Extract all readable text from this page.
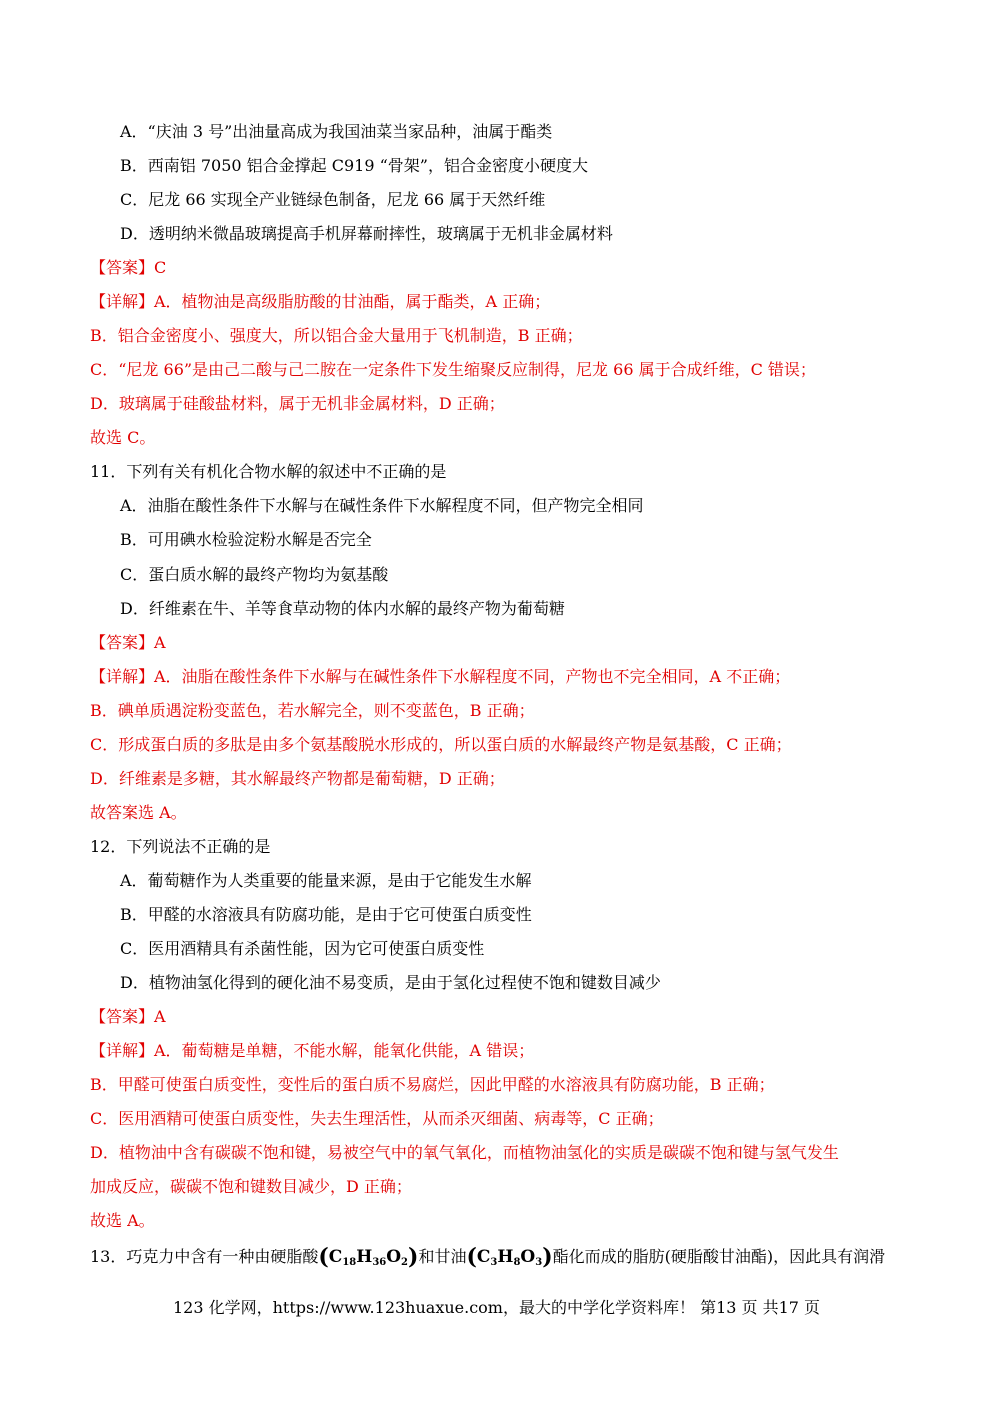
A．“庆油 3 号”出油量高成为我国油菜当家品种，油属于酯类
B．西南铝 7050 铝合金撑起 C919 “骨架”，铝合金密度小硬度大
C．尼龙 66 实现全产业链绿色制备，尼龙 66 属于天然纤维
D．透明纳米微晶玻璃提高手机屏幕耐摔性，玻璃属于无机非金属材料
【答案】C
【详解】A．植物油是高级脂肪酸的甘油酯，属于酯类，A 正确；
B．铝合金密度小、强度大，所以铝合金大量用于飞机制造，B 正确；
C．“尼龙 66”是由己二酸与己二胺在一定条件下发生缩聚反应制得，尼龙 66 属于合成纤维，C 错误；
D．玻璃属于硅酸盐材料，属于无机非金属材料，D 正确；
故选 C。
11．下列有关有机化合物水解的叙述中不正确的是
A．油脂在酸性条件下水解与在碱性条件下水解程度不同，但产物完全相同
B．可用碘水检验淀粉水解是否完全
C．蛋白质水解的最终产物均为氨基酸
D．纤维素在牛、羊等食草动物的体内水解的最终产物为葡萄糖
【答案】A
【详解】A．油脂在酸性条件下水解与在碱性条件下水解程度不同，产物也不完全相同，A 不正确；
B．碘单质遇淀粉变蓝色，若水解完全，则不变蓝色，B 正确；
C．形成蛋白质的多肽是由多个氨基酸脱水形成的，所以蛋白质的水解最终产物是氨基酸，C 正确；
D．纤维素是多糖，其水解最终产物都是葡萄糖，D 正确；
故答案选 A。
12．下列说法不正确的是
A．葡萄糖作为人类重要的能量来源，是由于它能发生水解
B．甲醛的水溶液具有防腐功能，是由于它可使蛋白质变性
C．医用酒精具有杀菌性能，因为它可使蛋白质变性
D．植物油氢化得到的硬化油不易变质，是由于氢化过程使不饱和键数目减少
【答案】A
【详解】A．葡萄糖是单糖，不能水解，能氧化供能，A 错误；
B．甲醛可使蛋白质变性，变性后的蛋白质不易腐烂，因此甲醛的水溶液具有防腐功能，B 正确；
C．医用酒精可使蛋白质变性，失去生理活性，从而杀灭细菌、病毒等，C 正确；
D．植物油中含有碳碳不饱和键，易被空气中的氧气氧化，而植物油氢化的实质是碳碳不饱和键与氢气发生
加成反应，碳碳不饱和键数目减少，D 正确；
故选 A。
13．巧克力中含有一种由硬脂酸$(C_{18}H_{36}O_2)$和甘油$(C_3H_8O_3)$酯化而成的脂肪(硬脂酸甘油酯)，因此具有润滑
123 化学网，https://www.123huaxue.com，最大的中学化学资料库！ 第13 页 共17 页
